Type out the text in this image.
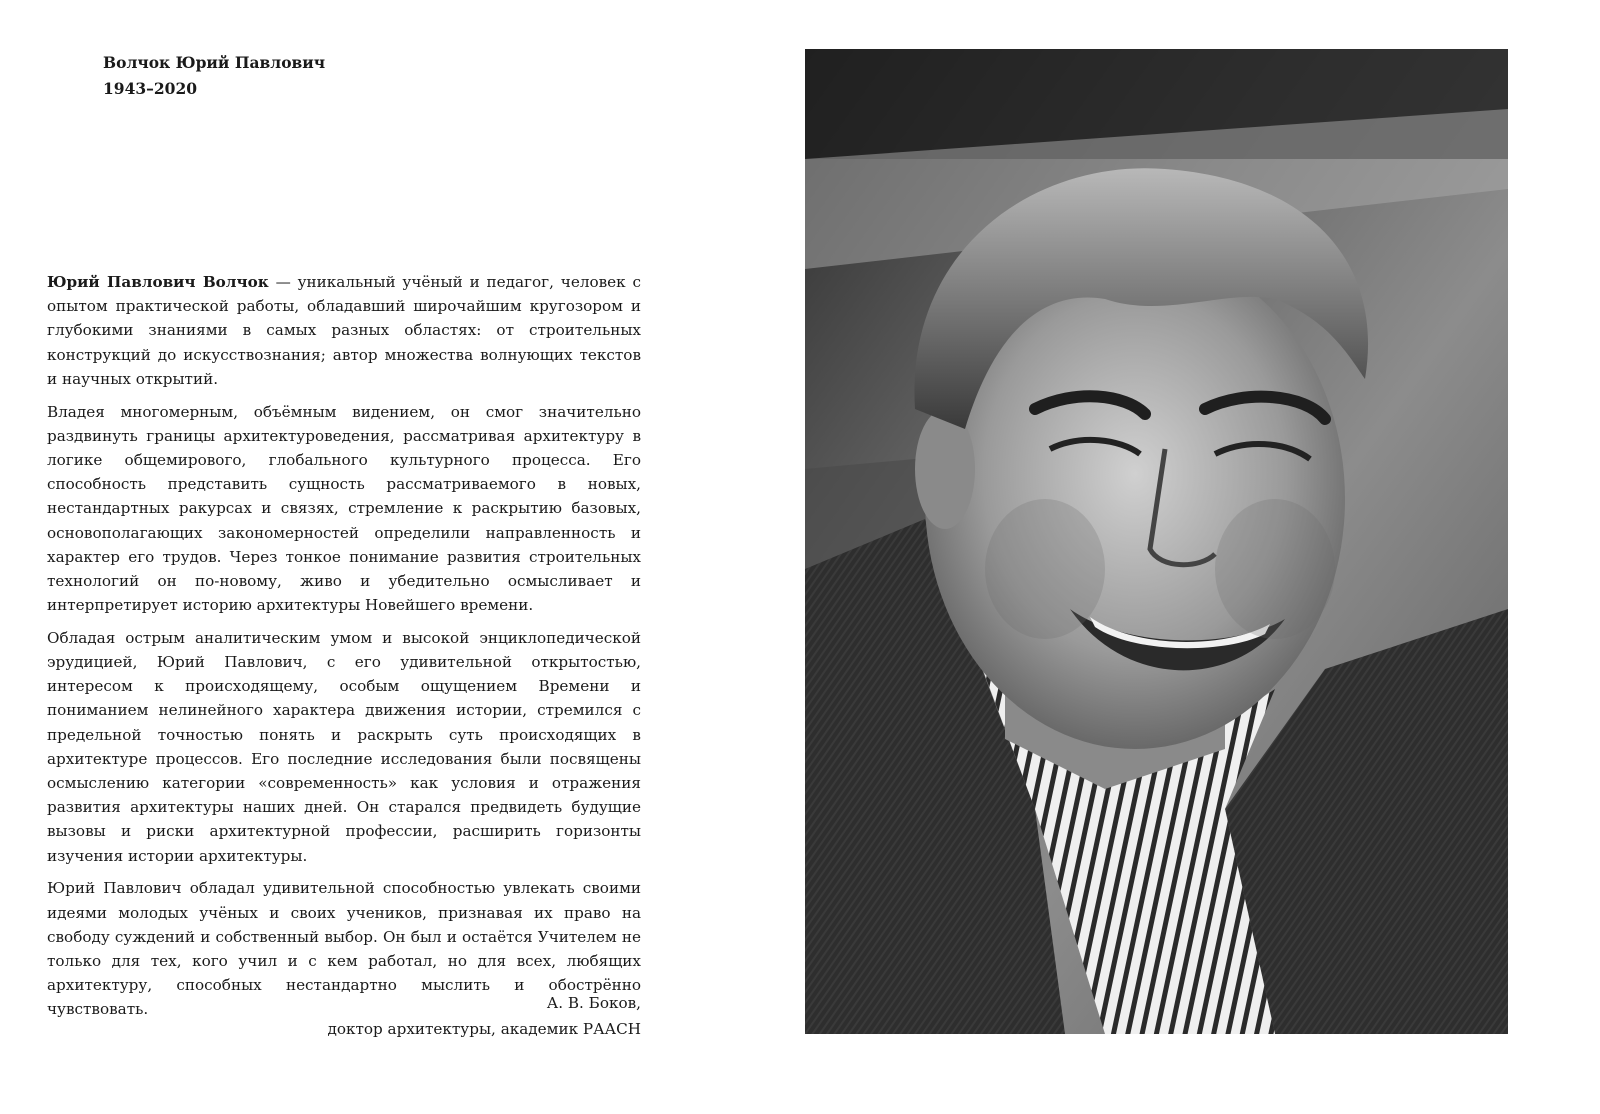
Волчок Юрий Павлович
1943–2020

Юрий Павлович Волчок — уникальный учёный и педагог, человек с опытом практической работы, обладавший широчайшим кругозором и глубокими знаниями в самых разных областях: от строительных конструкций до искусствознания; автор множества волнующих текстов и научных открытий.

Владея многомерным, объёмным видением, он смог значительно раздвинуть границы архитектуроведения, рассматривая архитектуру в логике общемирового, глобального культурного процесса. Его способность представить сущность рассматриваемого в новых, нестандартных ракурсах и связях, стремление к раскрытию базовых, основополагающих закономерностей определили направленность и характер его трудов. Через тонкое понимание развития строительных технологий он по-новому, живо и убедительно осмысливает и интерпретирует историю архитектуры Новейшего времени.

Обладая острым аналитическим умом и высокой энциклопедической эрудицией, Юрий Павлович, с его удивительной открытостью, интересом к происходящему, особым ощущением Времени и пониманием нелинейного характера движения истории, стремился с предельной точностью понять и раскрыть суть происходящих в архитектуре процессов. Его последние исследования были посвящены осмыслению категории «современность» как условия и отражения развития архитектуры наших дней. Он старался предвидеть будущие вызовы и риски архитектурной профессии, расширить горизонты изучения истории архитектуры.

Юрий Павлович обладал удивительной способностью увлекать своими идеями молодых учёных и своих учеников, признавая их право на свободу суждений и собственный выбор. Он был и остаётся Учителем не только для тех, кого учил и с кем работал, но для всех, любящих архитектуру, способных нестандартно мыслить и обострённо чувствовать.	А. В. Боков,
доктор архитектуры, академик РААСН
